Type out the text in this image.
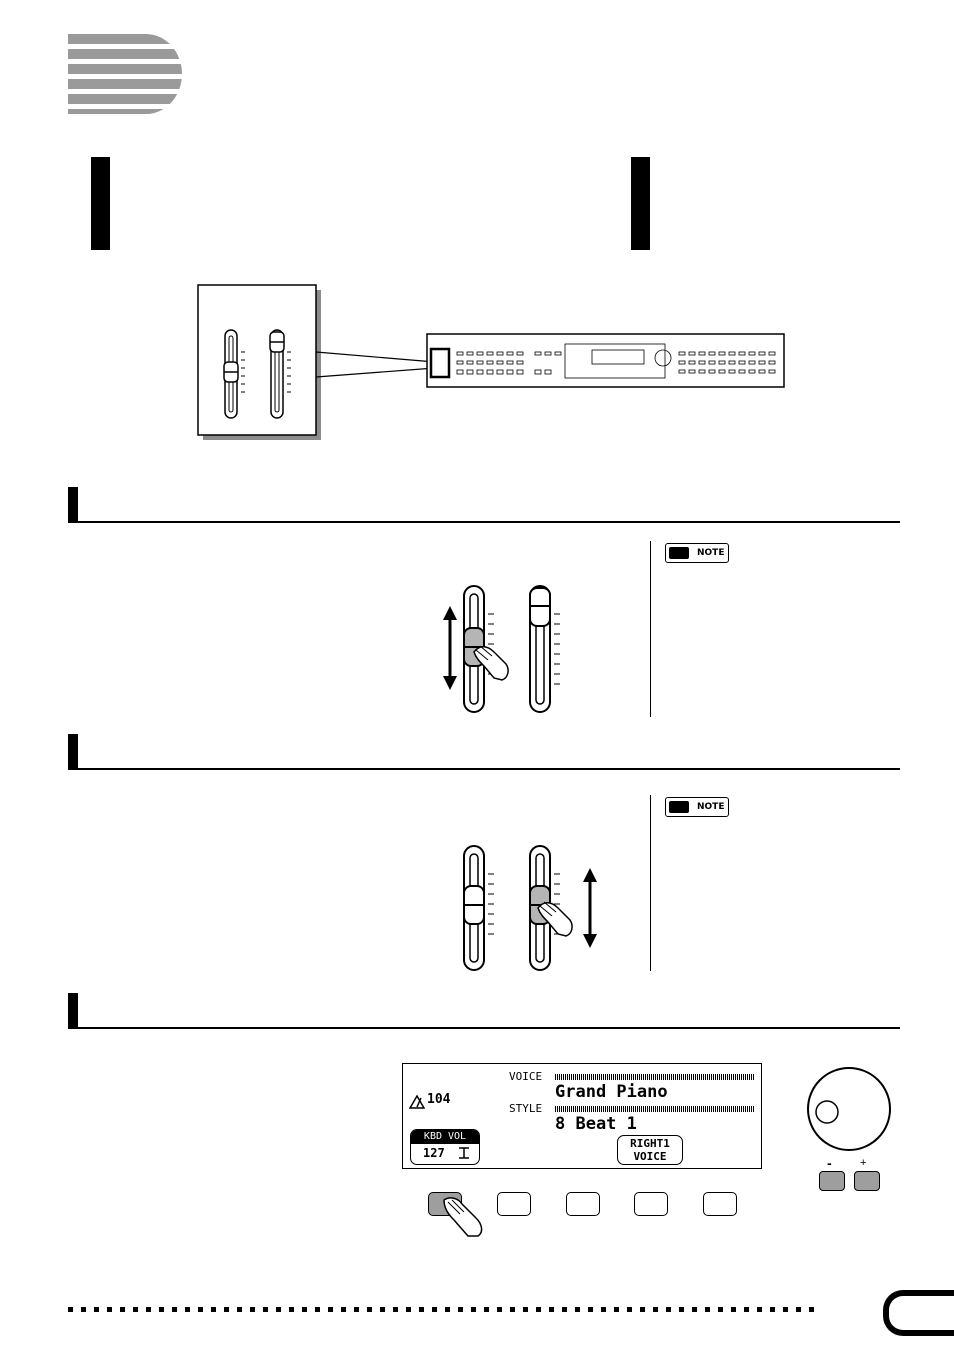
NOTE
NOTE
104
VOICE
Grand Piano
STYLE
8 Beat 1
KBD VOL
127
RIGHT1
VOICE	-	+
